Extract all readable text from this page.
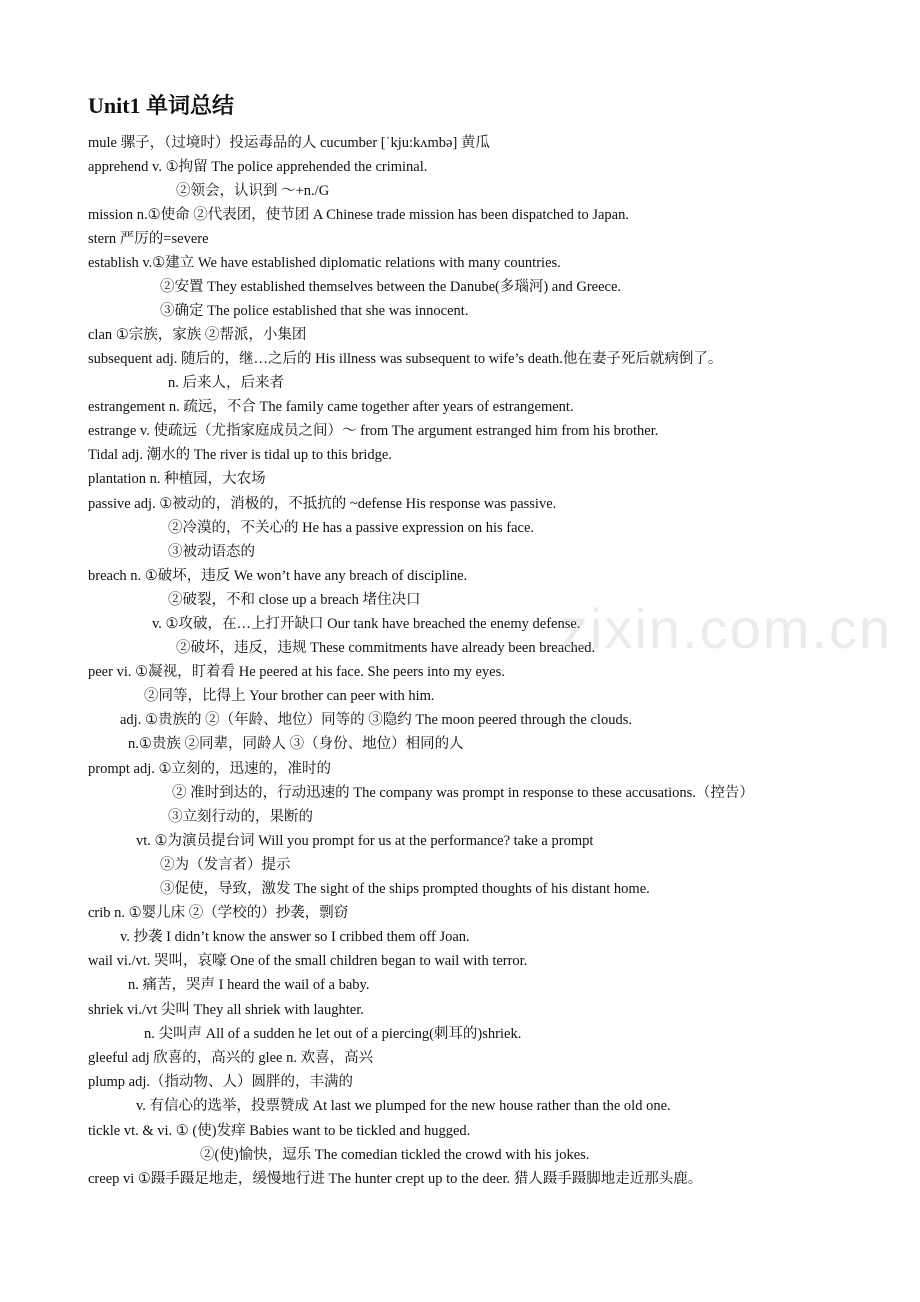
Unit1 单词总结
mule 骡子，（过境时）投运毒品的人 cucumber [ˈkju:kʌmbə] 黄瓜
apprehend v. ①拘留 The police apprehended the criminal.
②领会，认识到 ～+n./G
mission n.①使命 ②代表团，使节团 A Chinese trade mission has been dispatched to Japan.
stern 严厉的=severe
establish v.①建立 We have established diplomatic relations with many countries.
②安置 They established themselves between the Danube(多瑙河) and Greece.
③确定 The police established that she was innocent.
clan ①宗族，家族 ②帮派，小集团
subsequent adj. 随后的，继…之后的 His illness was subsequent to wife’s death.他在妻子死后就病倒了。
n. 后来人，后来者
estrangement n. 疏远，不合 The family came together after years of estrangement.
estrange v. 使疏远（尤指家庭成员之间）～ from The argument estranged him from his brother.
Tidal adj. 潮水的 The river is tidal up to this bridge.
plantation n. 种植园，大农场
passive adj. ①被动的，消极的，不抵抗的 ~defense His response was passive.
②冷漠的，不关心的 He has a passive expression on his face.
③被动语态的
breach n. ①破坏，违反 We won’t have any breach of discipline.
②破裂，不和 close up a breach 堵住决口
v. ①攻破，在…上打开缺口 Our tank have breached the enemy defense.
②破坏，违反，违规 These commitments have already been breached.
peer vi. ①凝视，盯着看 He peered at his face. She peers into my eyes.
②同等，比得上 Your brother can peer with him.
adj. ①贵族的 ②（年龄、地位）同等的 ③隐约 The moon peered through the clouds.
n.①贵族 ②同辈，同龄人 ③（身份、地位）相同的人
prompt adj. ①立刻的，迅速的，准时的
② 准时到达的，行动迅速的 The company was prompt in response to these accusations.（控告）
③立刻行动的，果断的
vt. ①为演员提台词 Will you prompt for us at the performance? take a prompt
②为（发言者）提示
③促使，导致，激发 The sight of the ships prompted thoughts of his distant home.
crib n. ①婴儿床 ②（学校的）抄袭，剽窃
v. 抄袭 I didn’t know the answer so I cribbed them off Joan.
wail vi./vt. 哭叫，哀嚎 One of the small children began to wail with terror.
n. 痛苦，哭声 I heard the wail of a baby.
shriek vi./vt 尖叫 They all shriek with laughter.
n. 尖叫声 All of a sudden he let out of a piercing(刺耳的)shriek.
gleeful adj 欣喜的，高兴的 glee n. 欢喜，高兴
plump adj.（指动物、人）圆胖的，丰满的
v. 有信心的选举，投票赞成 At last we plumped for the new house rather than the old one.
tickle vt. & vi. ① (使)发痒 Babies want to be tickled and hugged.
②(使)愉快，逗乐 The comedian tickled the crowd with his jokes.
creep vi ①蹑手蹑足地走，缓慢地行进 The hunter crept up to the deer. 猎人蹑手蹑脚地走近那头鹿。
zixin.com.cn
